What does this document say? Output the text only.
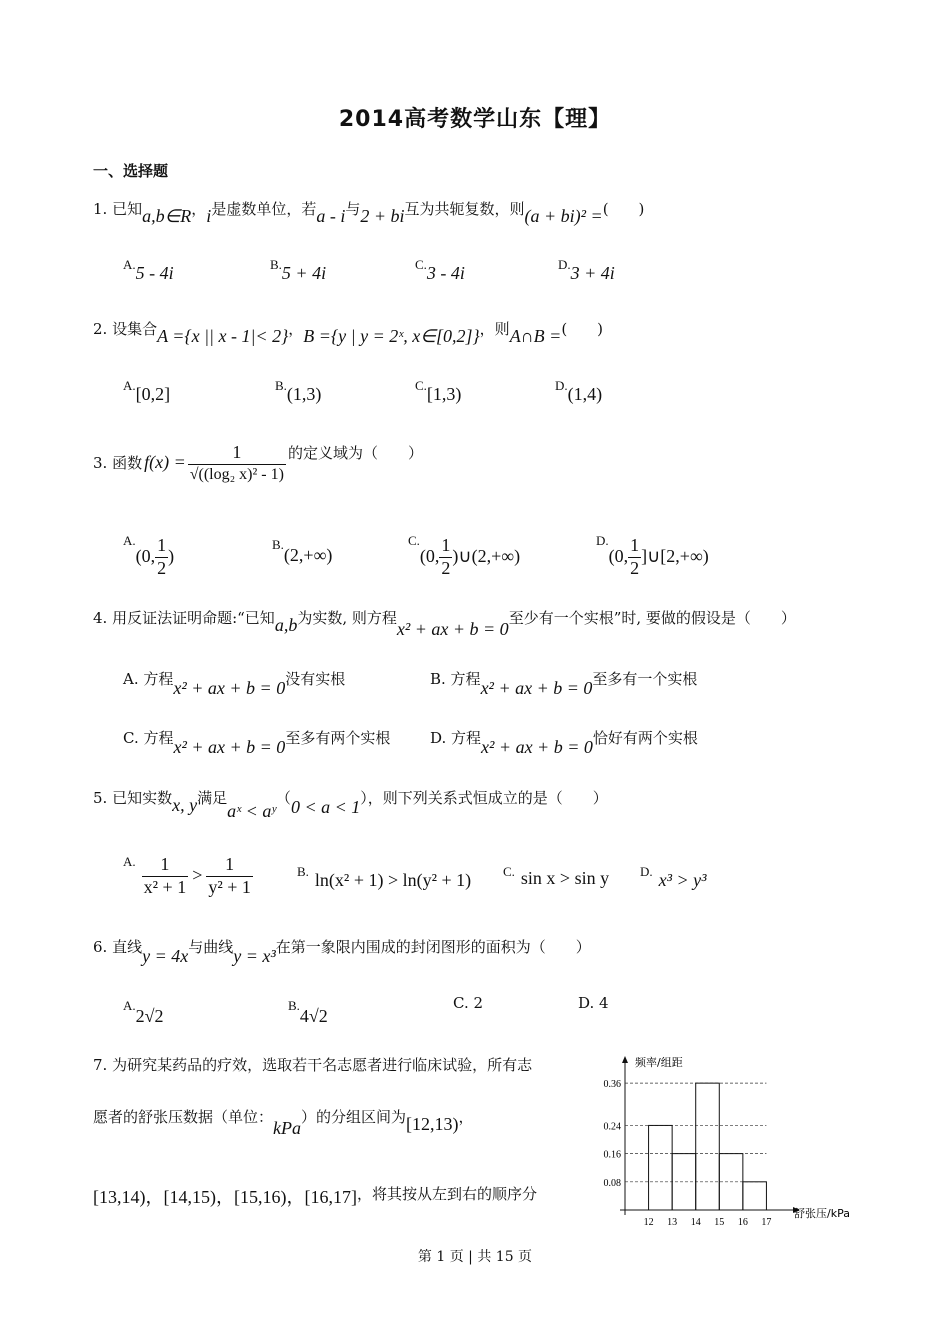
2014高考数学山东【理】
一、选择题
1. 已知a,b∈R，i是虚数单位，若a - i与2 + bi互为共轭复数，则(a + bi)² =(　　)
A.5 - 4i	B.5 + 4i	C.3 - 4i	D.3 + 4i
2. 设集合A ={x || x - 1|< 2}，B ={y | y = 2ˣ, x∈[0,2]}，则A∩B =(　　)
A.[0,2]	B.(1,3)	C.[1,3)	D.(1,4)
3. 函数 $f(x) = \frac{1}{\text{√((log₂ x)² - 1)}}$ 的定义域为（　　）
A.
(0, $\frac{1}{2}$ )
B.(2,+∞)
C.
(0, $\frac{1}{2}$ )∪(2,+∞)
D.
(0, $\frac{1}{2}$ ]∪[2,+∞)
4. 用反证法证明命题:“已知a,b为实数, 则方程x² + ax + b = 0至少有一个实根”时, 要做的假设是（　　）
A. 方程x² + ax + b = 0没有实根	B. 方程x² + ax + b = 0至多有一个实根
C. 方程x² + ax + b = 0至多有两个实根	D. 方程x² + ax + b = 0恰好有两个实根
5. 已知实数x, y满足aˣ < aʸ（0 < a < 1），则下列关系式恒成立的是（　　）
A. $\frac{1}{\text{x² + 1}} > \frac{1}{\text{y² + 1}}$	B. ln(x² + 1) > ln(y² + 1) C. sin x > sin y D. x³ > y³
6. 直线y = 4x与曲线y = x³在第一象限内围成的封闭图形的面积为（　　）
A.2√2
B.4√2
C. 2	D. 4
7. 为研究某药品的疗效，选取若干名志愿者进行临床试验，所有志
愿者的舒张压数据（单位：kPa）的分组区间为[12,13)，
[13,14)，[14,15)，[15,16)，[16,17]，将其按从左到右的顺序分
频率/组距
舒张压/kPa
0.08
0.16
0.24
0.36
12 13 14 15 16 17
第 1 页 | 共 15 页
